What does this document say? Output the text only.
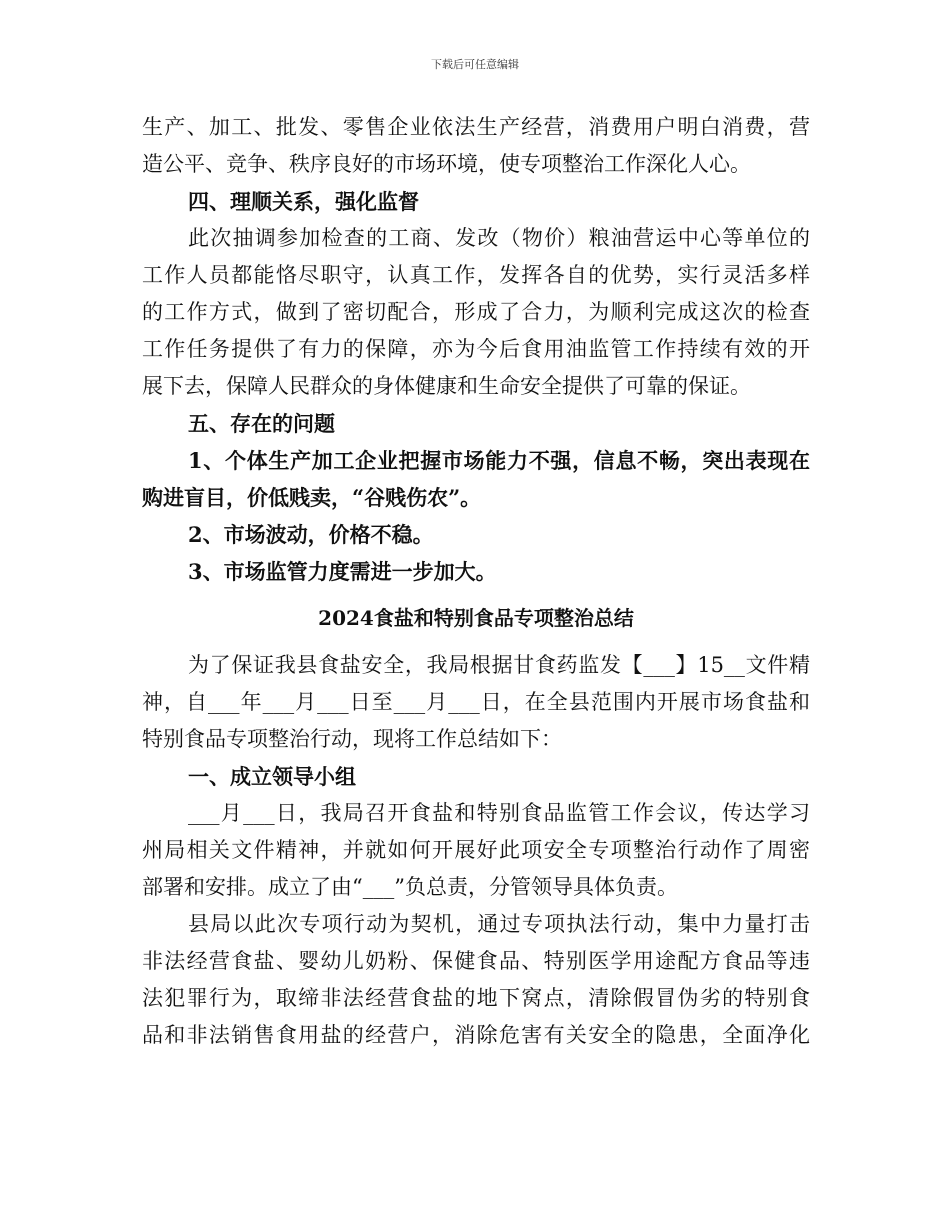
下载后可任意编辑
生产、加工、批发、零售企业依法生产经营，消费用户明白消费，营
造公平、竞争、秩序良好的市场环境，使专项整治工作深化人心。
四、理顺关系，强化监督
此次抽调参加检查的工商、发改（物价）粮油营运中心等单位的
工作人员都能恪尽职守，认真工作，发挥各自的优势，实行灵活多样
的工作方式，做到了密切配合，形成了合力，为顺利完成这次的检查
工作任务提供了有力的保障，亦为今后食用油监管工作持续有效的开
展下去，保障人民群众的身体健康和生命安全提供了可靠的保证。
五、存在的问题
1、个体生产加工企业把握市场能力不强，信息不畅，突出表现在
购进盲目，价低贱卖，“谷贱伤农”。
2、市场波动，价格不稳。
3、市场监管力度需进一步加大。
2024食盐和特别食品专项整治总结
为了保证我县食盐安全，我局根据甘食药监发【___】15__文件精
神，自___年___月___日至___月___日，在全县范围内开展市场食盐和
特别食品专项整治行动，现将工作总结如下：
一、成立领导小组
___月___日，我局召开食盐和特别食品监管工作会议，传达学习
州局相关文件精神，并就如何开展好此项安全专项整治行动作了周密
部署和安排。成立了由“___”负总责，分管领导具体负责。
县局以此次专项行动为契机，通过专项执法行动，集中力量打击
非法经营食盐、婴幼儿奶粉、保健食品、特别医学用途配方食品等违
法犯罪行为，取缔非法经营食盐的地下窝点，清除假冒伪劣的特别食
品和非法销售食用盐的经营户，消除危害有关安全的隐患，全面净化
